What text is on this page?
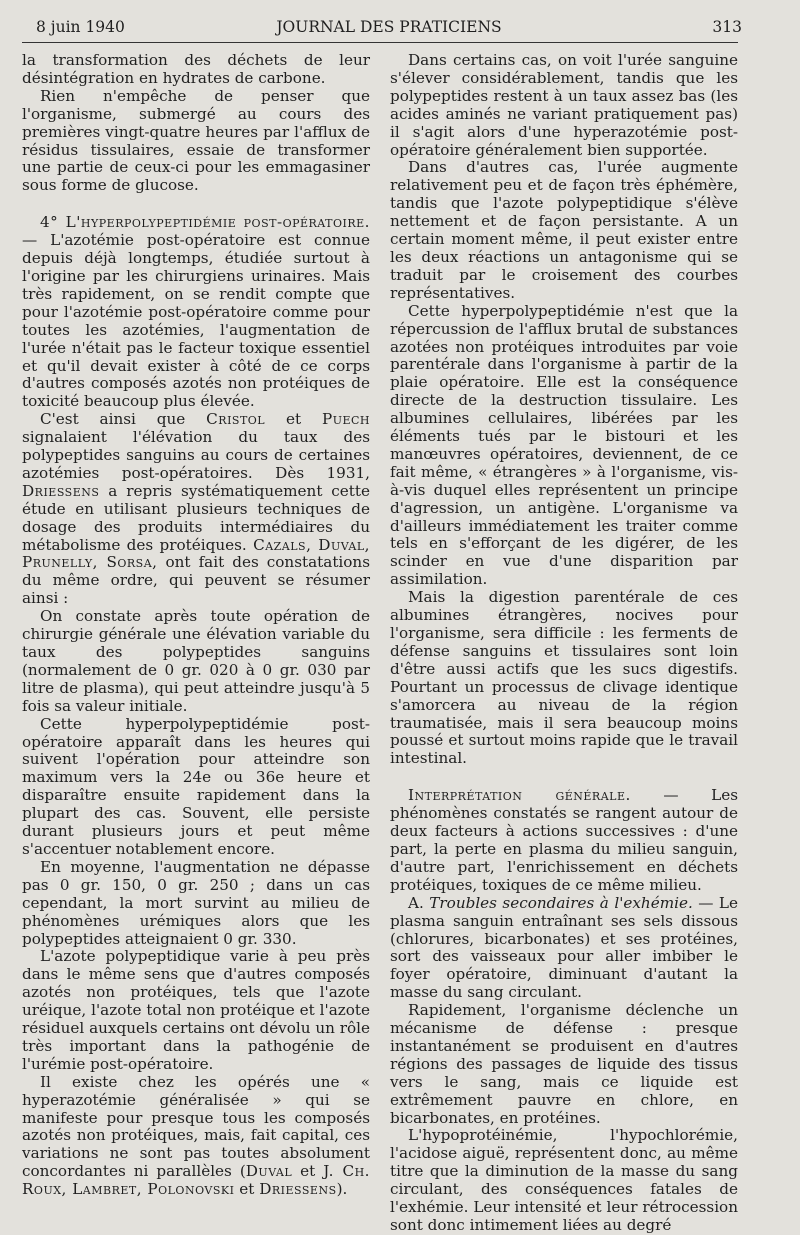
8 juin 1940	JOURNAL DES PRATICIENS	313

la transformation des déchets de leur désintégration en hydrates de carbone.

Rien n'empêche de penser que l'organisme, submergé au cours des premières vingt-quatre heures par l'afflux de résidus tissulaires, essaie de transformer une partie de ceux-ci pour les emmagasiner sous forme de glucose.

4° L'hyperpolypeptidémie post-opératoire. — L'azotémie post-opératoire est connue depuis déjà longtemps, étudiée surtout à l'origine par les chirurgiens urinaires. Mais très rapidement, on se rendit compte que pour l'azotémie post-opératoire comme pour toutes les azotémies, l'augmentation de l'urée n'était pas le facteur toxique essentiel et qu'il devait exister à côté de ce corps d'autres composés azotés non protéiques de toxicité beaucoup plus élevée.

C'est ainsi que Cristol et Puech signalaient l'élévation du taux des polypeptides sanguins au cours de certaines azotémies post-opératoires. Dès 1931, Driessens a repris systématiquement cette étude en utilisant plusieurs techniques de dosage des produits intermédiaires du métabolisme des protéiques. Cazals, Duval, Prunelly, Sorsa, ont fait des constatations du même ordre, qui peuvent se résumer ainsi :

On constate après toute opération de chirurgie générale une élévation variable du taux des polypeptides sanguins (normalement de 0 gr. 020 à 0 gr. 030 par litre de plasma), qui peut atteindre jusqu'à 5 fois sa valeur initiale.

Cette hyperpolypeptidémie post-opératoire apparaît dans les heures qui suivent l'opération pour atteindre son maximum vers la 24e ou 36e heure et disparaître ensuite rapidement dans la plupart des cas. Souvent, elle persiste durant plusieurs jours et peut même s'accentuer notablement encore.

En moyenne, l'augmentation ne dépasse pas 0 gr. 150, 0 gr. 250 ; dans un cas cependant, la mort survint au milieu de phénomènes urémiques alors que les polypeptides atteignaient 0 gr. 330.

L'azote polypeptidique varie à peu près dans le même sens que d'autres composés azotés non protéiques, tels que l'azote uréique, l'azote total non protéique et l'azote résiduel auxquels certains ont dévolu un rôle très important dans la pathogénie de l'urémie post-opératoire.

Il existe chez les opérés une « hyperazotémie généralisée » qui se manifeste pour presque tous les composés azotés non protéiques, mais, fait capital, ces variations ne sont pas toutes absolument concordantes ni parallèles (Duval et J. Ch. Roux, Lambret, Polonovski et Driessens).

Dans certains cas, on voit l'urée sanguine s'élever considérablement, tandis que les polypeptides restent à un taux assez bas (les acides aminés ne variant pratiquement pas) il s'agit alors d'une hyperazotémie post-opératoire généralement bien supportée.

Dans d'autres cas, l'urée augmente relativement peu et de façon très éphémère, tandis que l'azote polypeptidique s'élève nettement et de façon persistante. A un certain moment même, il peut exister entre les deux réactions un antagonisme qui se traduit par le croisement des courbes représentatives.

Cette hyperpolypeptidémie n'est que la répercussion de l'afflux brutal de substances azotées non protéiques introduites par voie parentérale dans l'organisme à partir de la plaie opératoire. Elle est la conséquence directe de la destruction tissulaire. Les albumines cellulaires, libérées par les éléments tués par le bistouri et les manœuvres opératoires, deviennent, de ce fait même, « étrangères » à l'organisme, vis-à-vis duquel elles représentent un principe d'agression, un antigène. L'organisme va d'ailleurs immédiatement les traiter comme tels en s'efforçant de les digérer, de les scinder en vue d'une disparition par assimilation.

Mais la digestion parentérale de ces albumines étrangères, nocives pour l'organisme, sera difficile : les ferments de défense sanguins et tissulaires sont loin d'être aussi actifs que les sucs digestifs. Pourtant un processus de clivage identique s'amorcera au niveau de la région traumatisée, mais il sera beaucoup moins poussé et surtout moins rapide que le travail intestinal.

Interprétation générale. — Les phénomènes constatés se rangent autour de deux facteurs à actions successives : d'une part, la perte en plasma du milieu sanguin, d'autre part, l'enrichissement en déchets protéiques, toxiques de ce même milieu.

A. Troubles secondaires à l'exhémie. — Le plasma sanguin entraînant ses sels dissous (chlorures, bicarbonates) et ses protéines, sort des vaisseaux pour aller imbiber le foyer opératoire, diminuant d'autant la masse du sang circulant.

Rapidement, l'organisme déclenche un mécanisme de défense : presque instantanément se produisent en d'autres régions des passages de liquide des tissus vers le sang, mais ce liquide est extrêmement pauvre en chlore, en bicarbonates, en protéines.

L'hypoprotéinémie, l'hypochlorémie, l'acidose aiguë, représentent donc, au même titre que la diminution de la masse du sang circulant, des conséquences fatales de l'exhémie. Leur intensité et leur rétrocession sont donc intimement liées au degré
